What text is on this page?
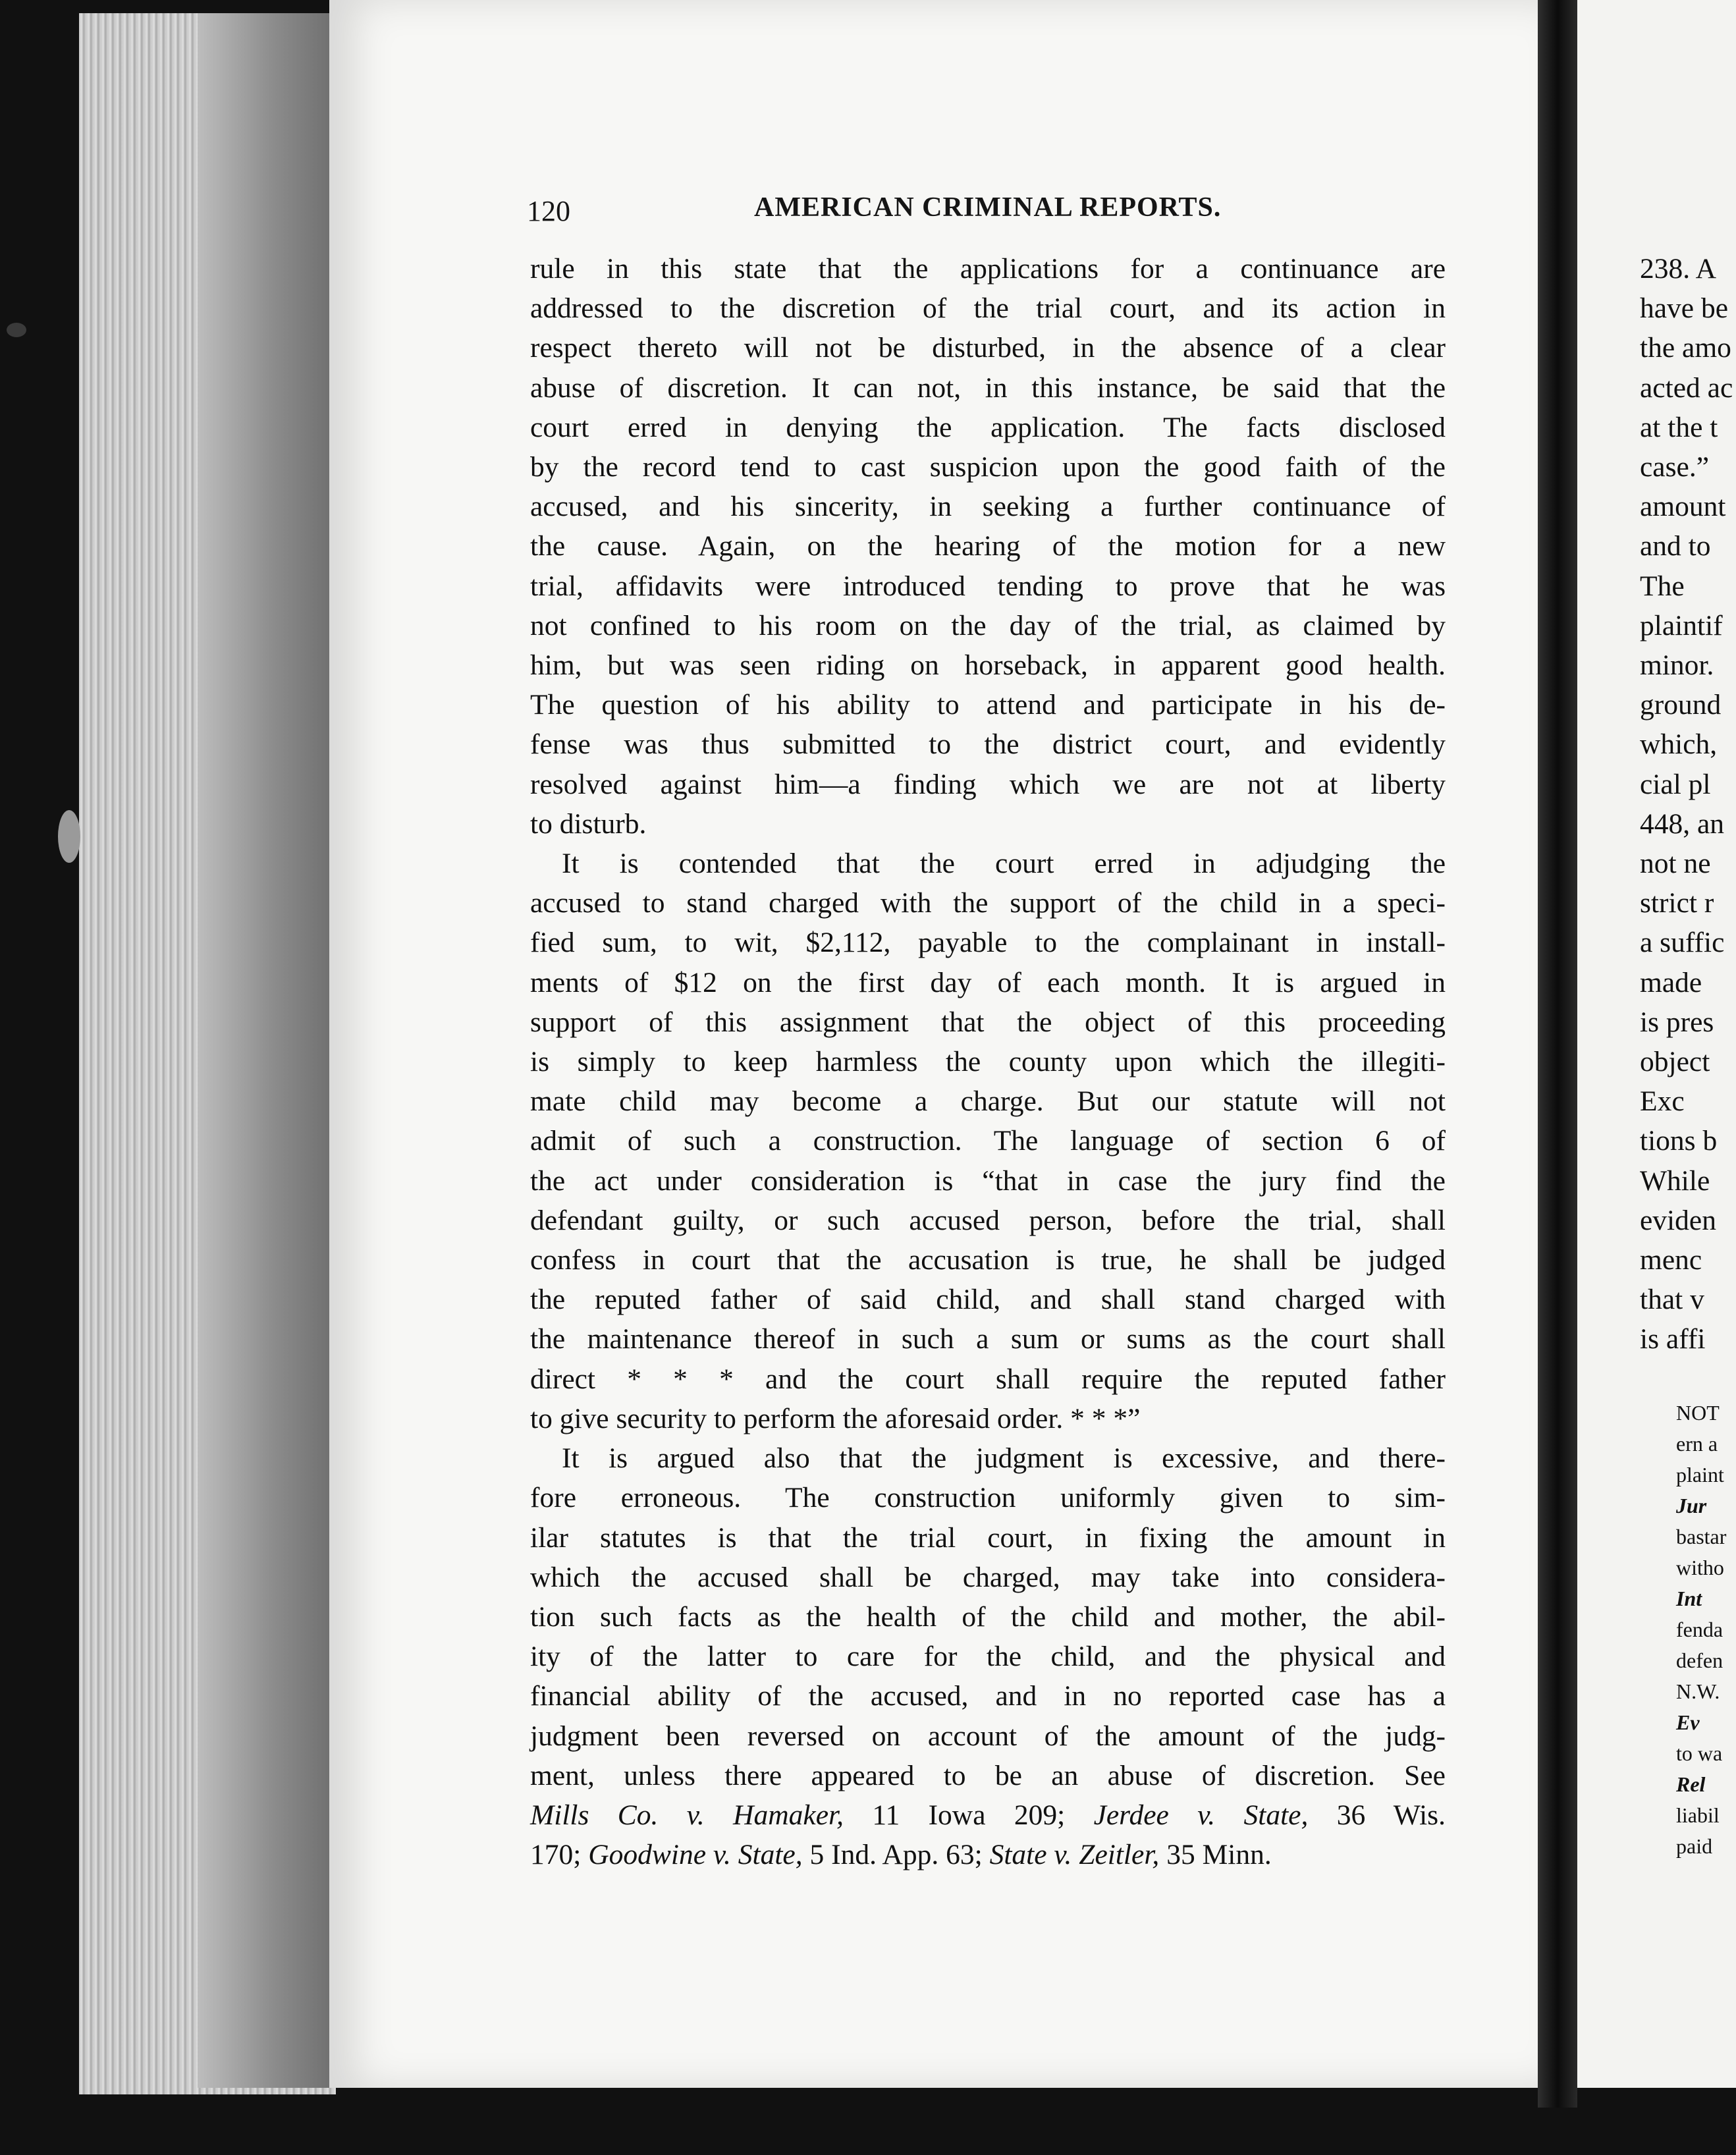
120	AMERICAN CRIMINAL REPORTS.
rule in this state that the applications for a continuance are
addressed to the discretion of the trial court, and its action in
respect thereto will not be disturbed, in the absence of a clear
abuse of discretion. It can not, in this instance, be said that the
court erred in denying the application. The facts disclosed
by the record tend to cast suspicion upon the good faith of the
accused, and his sincerity, in seeking a further continuance of
the cause. Again, on the hearing of the motion for a new
trial, affidavits were introduced tending to prove that he was
not confined to his room on the day of the trial, as claimed by
him, but was seen riding on horseback, in apparent good health.
The question of his ability to attend and participate in his de-
fense was thus submitted to the district court, and evidently
resolved against him—a finding which we are not at liberty
to disturb.
It is contended that the court erred in adjudging the
accused to stand charged with the support of the child in a speci-
fied sum, to wit, $2,112, payable to the complainant in install-
ments of $12 on the first day of each month. It is argued in
support of this assignment that the object of this proceeding
is simply to keep harmless the county upon which the illegiti-
mate child may become a charge. But our statute will not
admit of such a construction. The language of section 6 of
the act under consideration is “that in case the jury find the
defendant guilty, or such accused person, before the trial, shall
confess in court that the accusation is true, he shall be judged
the reputed father of said child, and shall stand charged with
the maintenance thereof in such a sum or sums as the court shall
direct * * * and the court shall require the reputed father
to give security to perform the aforesaid order. * * *”
It is argued also that the judgment is excessive, and there-
fore erroneous. The construction uniformly given to sim-
ilar statutes is that the trial court, in fixing the amount in
which the accused shall be charged, may take into considera-
tion such facts as the health of the child and mother, the abil-
ity of the latter to care for the child, and the physical and
financial ability of the accused, and in no reported case has a
judgment been reversed on account of the amount of the judg-
ment, unless there appeared to be an abuse of discretion. See
Mills Co. v. Hamaker, 11 Iowa 209; Jerdee v. State, 36 Wis.
170; Goodwine v. State, 5 Ind. App. 63; State v. Zeitler, 35 Minn.
238. A
have be
the amo
acted ac
at the t
case.”
amount
and to
The
plaintif
minor.
ground
which,
cial pl
448, an
not ne
strict r
a suffic
made
is pres
object
Exc
tions b
While
eviden
menc
that v
is affi
NOT
ern a
plaint
Jur
bastar
witho
Int
fenda
defen
N.W.
Ev
to wa
Rel
liabil
paid
